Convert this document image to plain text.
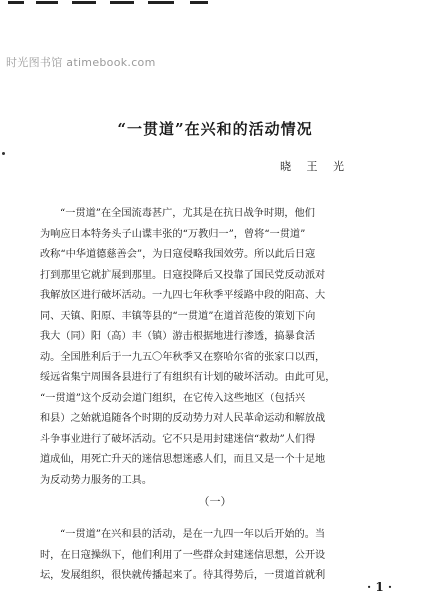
时光图书馆 atimebook.com
“一贯道”在兴和的活动情况
晓 王 光
“一贯道”在全国流毒甚广，尤其是在抗日战争时期，他们
为响应日本特务头子山谍丰张的“万教归一”，曾将“一贯道”
改称“中华道德慈善会”，为日寇侵略我国效劳。所以此后日寇
打到那里它就扩展到那里。日寇投降后又投靠了国民党反动派对
我解放区进行破坏活动。一九四七年秋季平绥路中段的阳高、大
同、天镇、阳原、丰镇等县的“一贯道”在道首范俊的策划下向
我大（同）阳（高）丰（镇）游击根据地进行渗透，搞暴食活
动。全国胜利后于一九五〇年秋季又在察哈尔省的张家口以西，
绥远省集宁周围各县进行了有组织有计划的破坏活动。由此可见，
“一贯道”这个反动会道门组织，在它传入这些地区（包括兴
和县）之始就追随各个时期的反动势力对人民革命运动和解放战
斗争事业进行了破坏活动。它不只是用封建迷信“救劫”人们得
道成仙，用死亡升天的迷信思想迷惑人们，而且又是一个十足地
为反动势力服务的工具。
（一）
“一贯道”在兴和县的活动，是在一九四一年以后开始的。当
时，在日寇操纵下，他们利用了一些群众封建迷信思想，公开设
坛，发展组织，很快就传播起来了。待其得势后，一贯道首就利
· 1 ·
